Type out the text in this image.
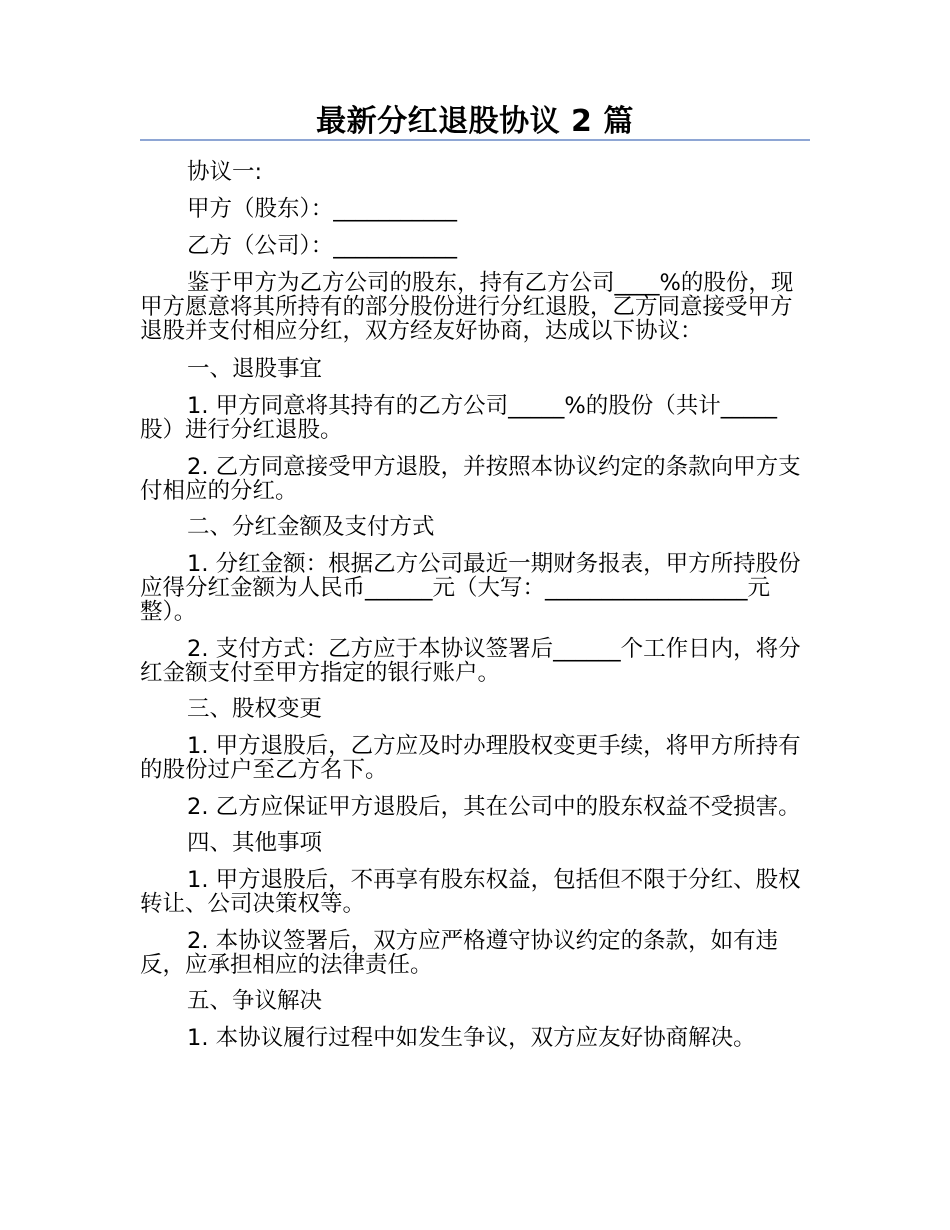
最新分红退股协议 2 篇

协议一:

甲方（股东）：___________

乙方（公司）：___________

鉴于甲方为乙方公司的股东，持有乙方公司____%的股份，现甲方愿意将其所持有的部分股份进行分红退股，乙方同意接受甲方退股并支付相应分红，双方经友好协商，达成以下协议：

一、退股事宜

1. 甲方同意将其持有的乙方公司_____%的股份（共计_____股）进行分红退股。

2. 乙方同意接受甲方退股，并按照本协议约定的条款向甲方支付相应的分红。

二、分红金额及支付方式

1. 分红金额：根据乙方公司最近一期财务报表，甲方所持股份应得分红金额为人民币______元（大写：__________________元整）。

2. 支付方式：乙方应于本协议签署后______个工作日内，将分红金额支付至甲方指定的银行账户。

三、股权变更

1. 甲方退股后，乙方应及时办理股权变更手续，将甲方所持有的股份过户至乙方名下。

2. 乙方应保证甲方退股后，其在公司中的股东权益不受损害。

四、其他事项

1. 甲方退股后，不再享有股东权益，包括但不限于分红、股权转让、公司决策权等。

2. 本协议签署后，双方应严格遵守协议约定的条款，如有违反，应承担相应的法律责任。

五、争议解决

1. 本协议履行过程中如发生争议，双方应友好协商解决。
